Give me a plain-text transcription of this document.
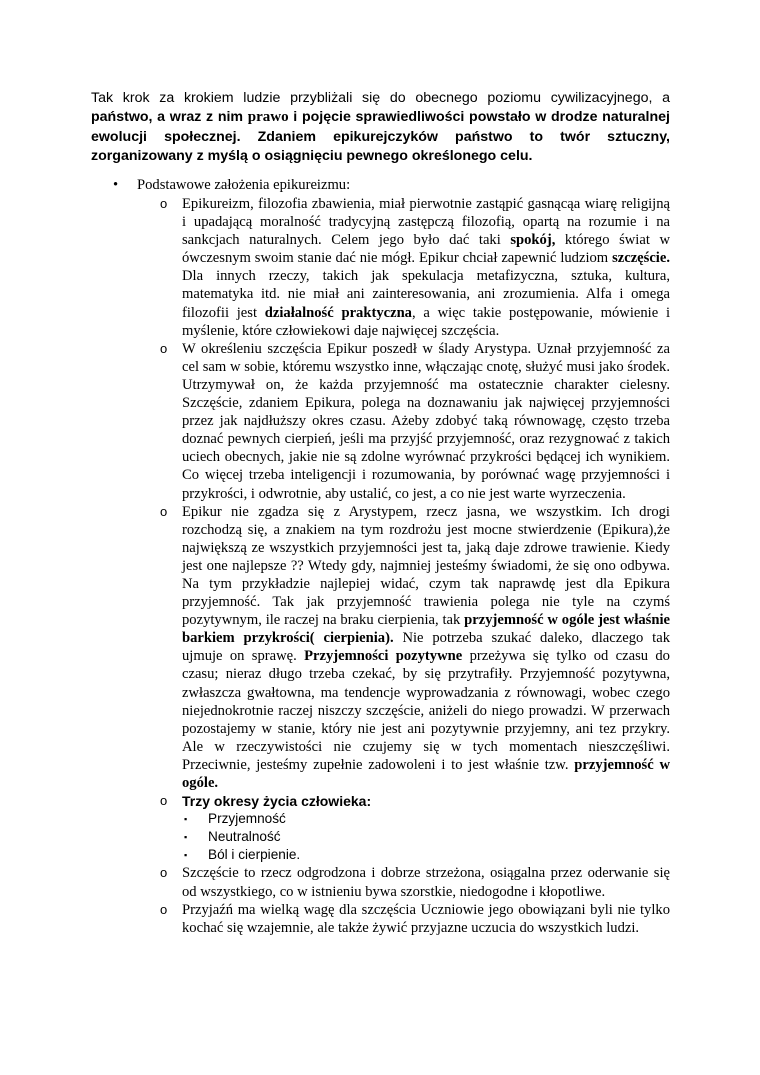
Tak krok za krokiem ludzie przybliżali się do obecnego poziomu cywilizacyjnego, a państwo, a wraz z nim prawo i pojęcie sprawiedliwości powstało w drodze naturalnej ewolucji społecznej. Zdaniem epikurejczyków państwo to twór sztuczny, zorganizowany z myślą o osiągnięciu pewnego określonego celu.

• Podstawowe założenia epikureizmu:
o Epikureizm, filozofia zbawienia, miał pierwotnie zastąpić gasnącąa wiarę religijną i upadającą moralność tradycyjną zastępczą filozofią, opartą na rozumie i na sankcjach naturalnych. Celem jego było dać taki spokój, którego świat w ówczesnym swoim stanie dać nie mógł. Epikur chciał zapewnić ludziom szczęście. Dla innych rzeczy, takich jak spekulacja metafizyczna, sztuka, kultura, matematyka itd. nie miał ani zainteresowania, ani zrozumienia. Alfa i omega filozofii jest działalność praktyczna, a więc takie postępowanie, mówienie i myślenie, które człowiekowi daje najwięcej szczęścia.
o W określeniu szczęścia Epikur poszedł w ślady Arystypa. Uznał przyjemność za cel sam w sobie, któremu wszystko inne, włączając cnotę, służyć musi jako środek. Utrzymywał on, że każda przyjemność ma ostatecznie charakter cielesny. Szczęście, zdaniem Epikura, polega na doznawaniu jak najwięcej przyjemności przez jak najdłuższy okres czasu. Ażeby zdobyć taką równowagę, często trzeba doznać pewnych cierpień, jeśli ma przyjść przyjemność, oraz rezygnować z takich uciech obecnych, jakie nie są zdolne wyrównać przykrości będącej ich wynikiem. Co więcej trzeba inteligencji i rozumowania, by porównać wagę przyjemności i przykrości, i odwrotnie, aby ustalić, co jest, a co nie jest warte wyrzeczenia.
o Epikur nie zgadza się z Arystypem, rzecz jasna, we wszystkim. Ich drogi rozchodzą się, a znakiem na tym rozdrożu jest mocne stwierdzenie (Epikura),że największą ze wszystkich przyjemności jest ta, jaką daje zdrowe trawienie. Kiedy jest one najlepsze ?? Wtedy gdy, najmniej jesteśmy świadomi, że się ono odbywa. Na tym przykładzie najlepiej widać, czym tak naprawdę jest dla Epikura przyjemność. Tak jak przyjemność trawienia polega nie tyle na czymś pozytywnym, ile raczej na braku cierpienia, tak przyjemność w ogóle jest właśnie barkiem przykrości( cierpienia). Nie potrzeba szukać daleko, dlaczego tak ujmuje on sprawę. Przyjemności pozytywne przeżywa się tylko od czasu do czasu; nieraz długo trzeba czekać, by się przytrafiły. Przyjemność pozytywna, zwłaszcza gwałtowna, ma tendencje wyprowadzania z równowagi, wobec czego niejednokrotnie raczej niszczy szczęście, aniżeli do niego prowadzi. W przerwach pozostajemy w stanie, który nie jest ani pozytywnie przyjemny, ani tez przykry. Ale w rzeczywistości nie czujemy się w tych momentach nieszczęśliwi. Przeciwnie, jesteśmy zupełnie zadowoleni i to jest właśnie tzw. przyjemność w ogóle.
o Trzy okresy życia człowieka:
▪ Przyjemność
▪ Neutralność
▪ Ból i cierpienie.
o Szczęście to rzecz odgrodzona i dobrze strzeżona, osiągalna przez oderwanie się od wszystkiego, co w istnieniu bywa szorstkie, niedogodne i kłopotliwe.
o Przyjaźń ma wielką wagę dla szczęścia Uczniowie jego obowiązani byli nie tylko kochać się wzajemnie, ale także żywić przyjazne uczucia do wszystkich ludzi.
